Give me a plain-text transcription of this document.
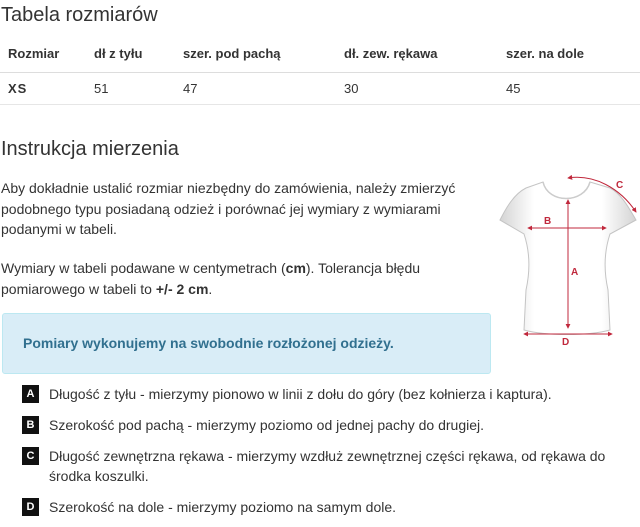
Tabela rozmiarów
Rozmiar	dł z tyłu	szer. pod pachą	dł. zew. rękawa	szer. na dole
XS	51	47	30	45
Instrukcja mierzenia

Aby dokładnie ustalić rozmiar niezbędny do zamówienia, należy zmierzyć podobnego typu posiadaną odzież i porównać jej wymiary z wymiarami podanymi w tabeli.

Wymiary w tabeli podawane w centymetrach (cm). Tolerancja błędu pomiarowego w tabeli to +/- 2 cm.

A
B
C
D
Pomiary wykonujemy na swobodnie rozłożonej odzieży.
A	Długość z tyłu - mierzymy pionowo w linii z dołu do góry (bez kołnierza i kaptura).
B	Szerokość pod pachą - mierzymy poziomo od jednej pachy do drugiej.
C	Długość zewnętrzna rękawa - mierzymy wzdłuż zewnętrznej części rękawa, od rękawa do środka koszulki.
D	Szerokość na dole - mierzymy poziomo na samym dole.
